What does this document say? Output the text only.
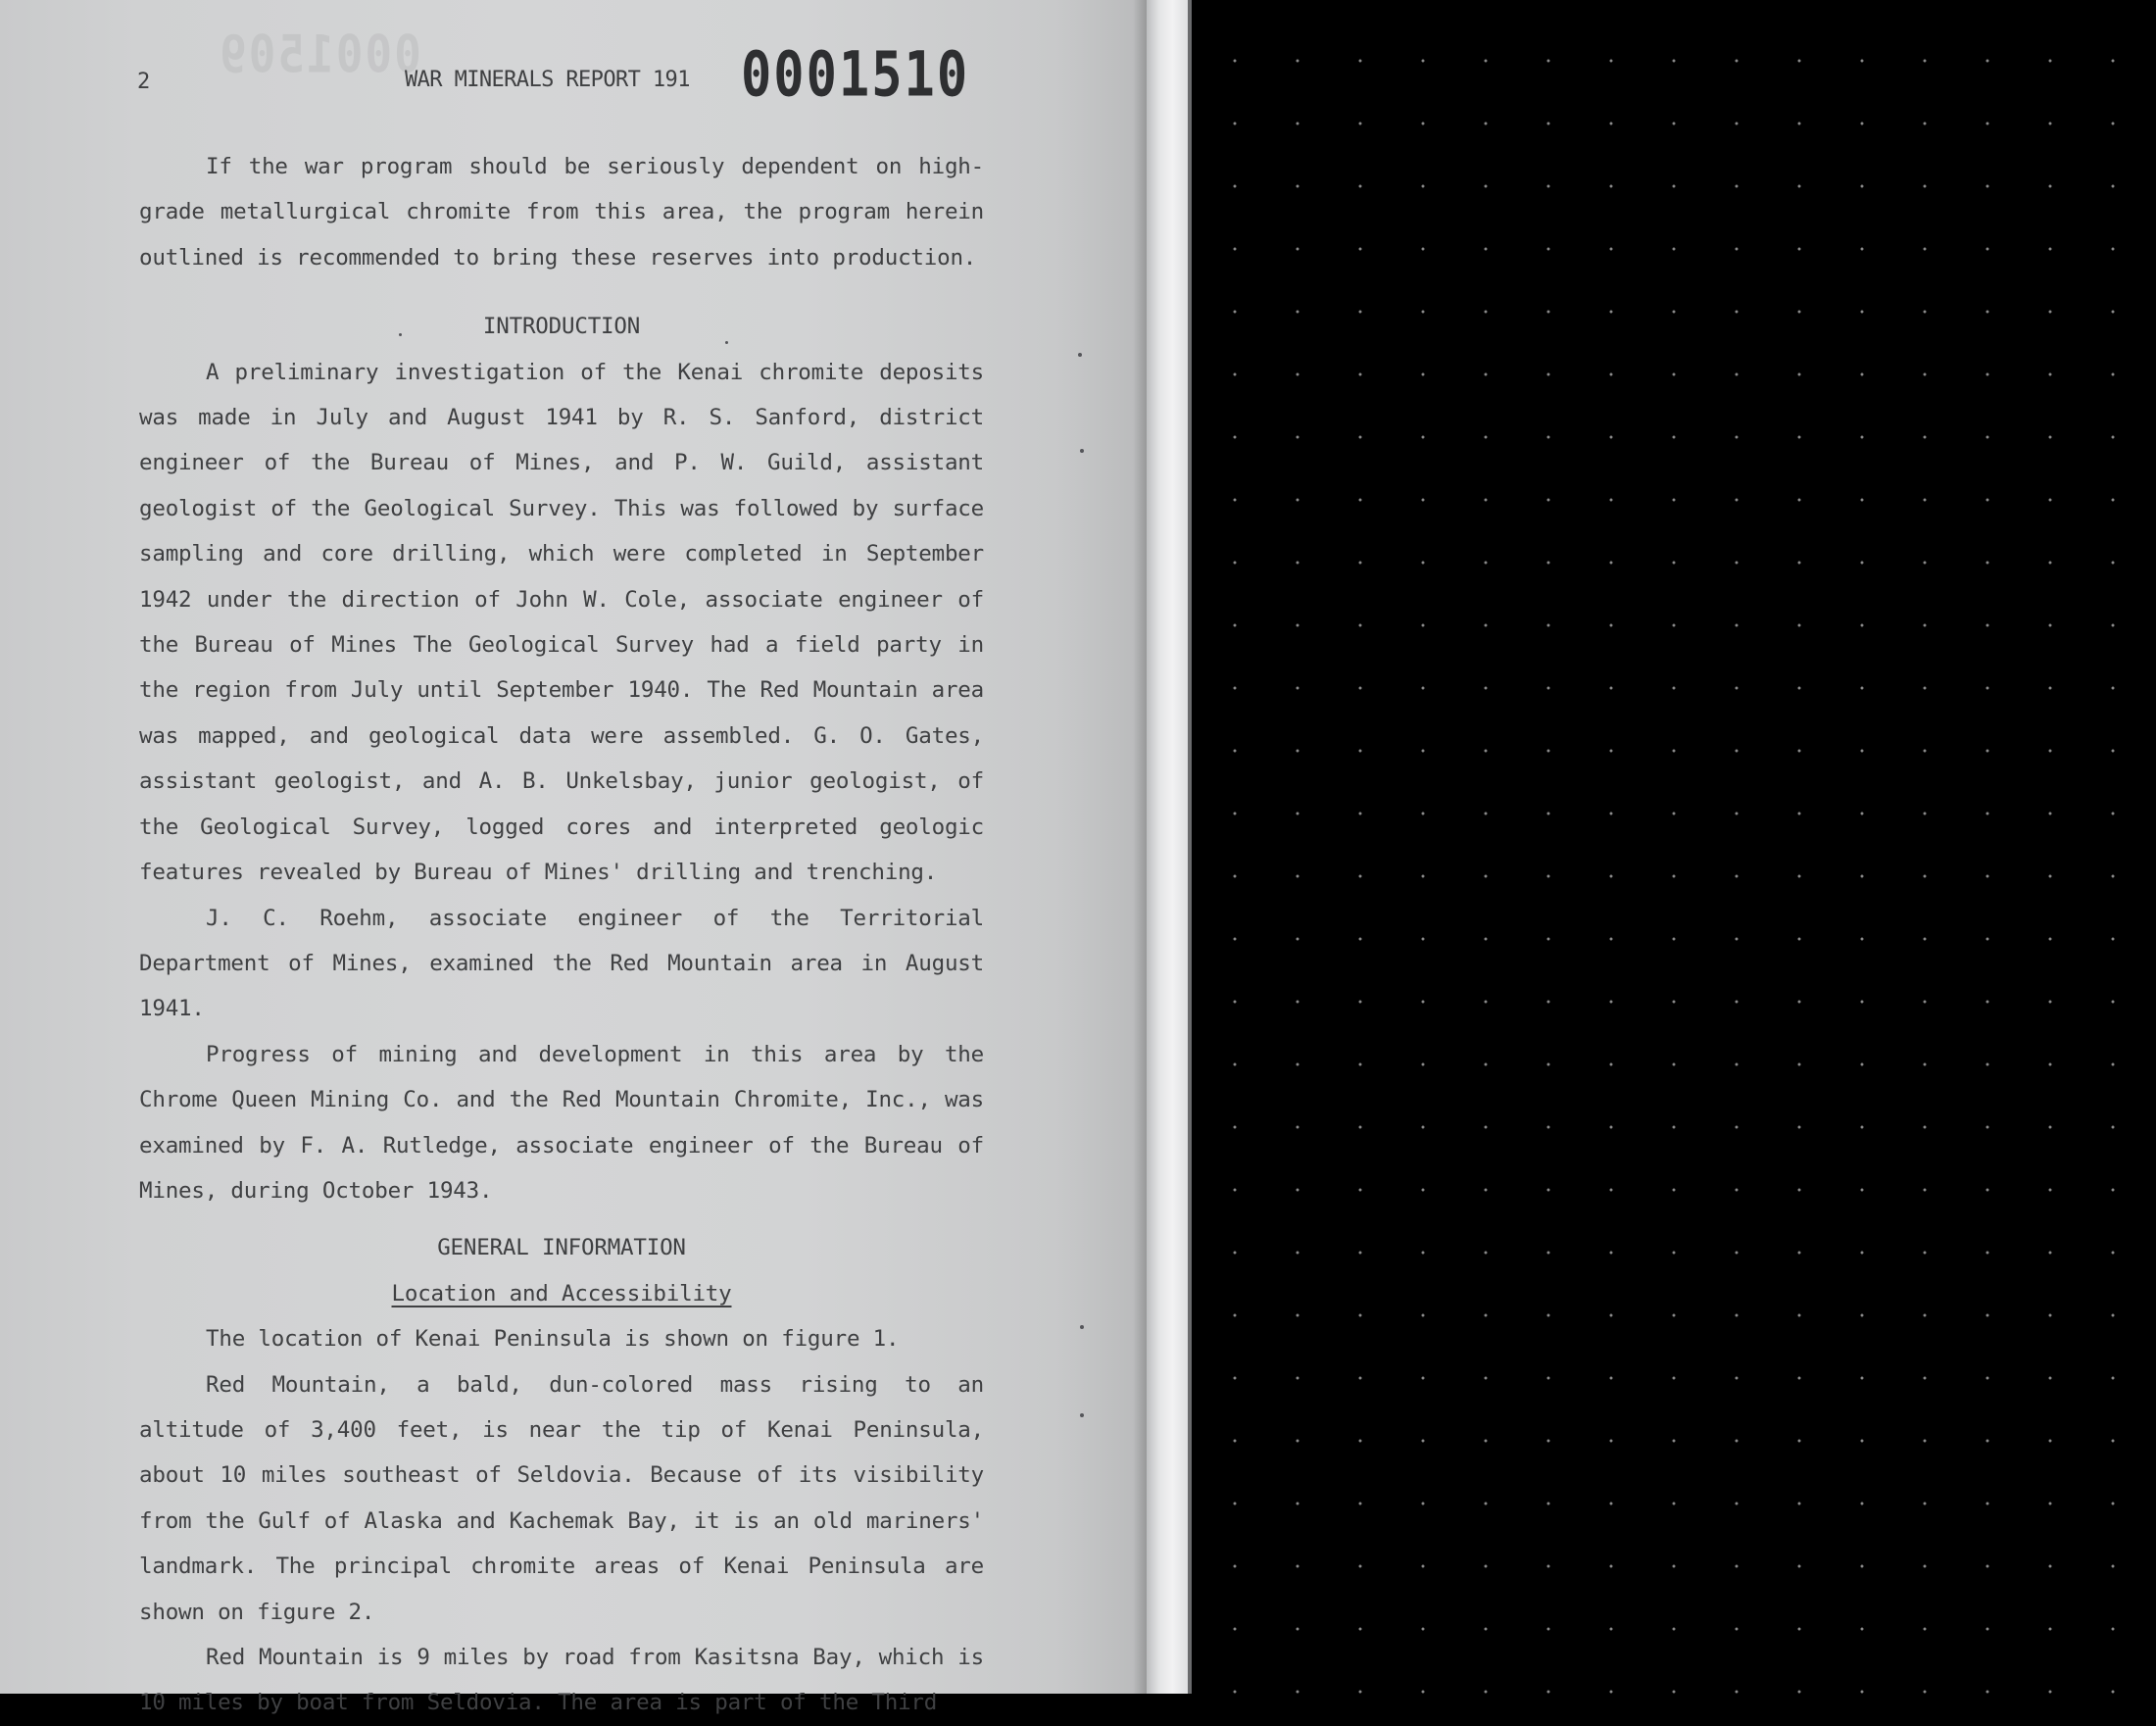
0001509
2	WAR MINERALS REPORT 191 0001510

If the war program should be seriously dependent on high-grade metallurgical chromite from this area, the program herein outlined is recommended to bring these reserves into production.

INTRODUCTION

A preliminary investigation of the Kenai chromite deposits was made in July and August 1941 by R. S. Sanford, district engineer of the Bureau of Mines, and P. W. Guild, assistant geologist of the Geological Survey. This was followed by surface sampling and core drilling, which were completed in September 1942 under the direction of John W. Cole, associate engineer of the Bureau of Mines The Geological Survey had a field party in the region from July until September 1940. The Red Mountain area was mapped, and geological data were assembled. G. O. Gates, assistant geologist, and A. B. Unkelsbay, junior geologist, of the Geological Survey, logged cores and interpreted geologic features revealed by Bureau of Mines' drilling and trenching.

J. C. Roehm, associate engineer of the Territorial Department of Mines, examined the Red Mountain area in August 1941.

Progress of mining and development in this area by the Chrome Queen Mining Co. and the Red Mountain Chromite, Inc., was examined by F. A. Rutledge, associate engineer of the Bureau of Mines, during October 1943.

GENERAL INFORMATION

Location and Accessibility

The location of Kenai Peninsula is shown on figure 1.

Red Mountain, a bald, dun-colored mass rising to an altitude of 3,400 feet, is near the tip of Kenai Peninsula, about 10 miles southeast of Seldovia. Because of its visibility from the Gulf of Alaska and Kachemak Bay, it is an old mariners' landmark. The principal chromite areas of Kenai Peninsula are shown on figure 2.

Red Mountain is 9 miles by road from Kasitsna Bay, which is 10 miles by boat from Seldovia. The area is part of the Third
